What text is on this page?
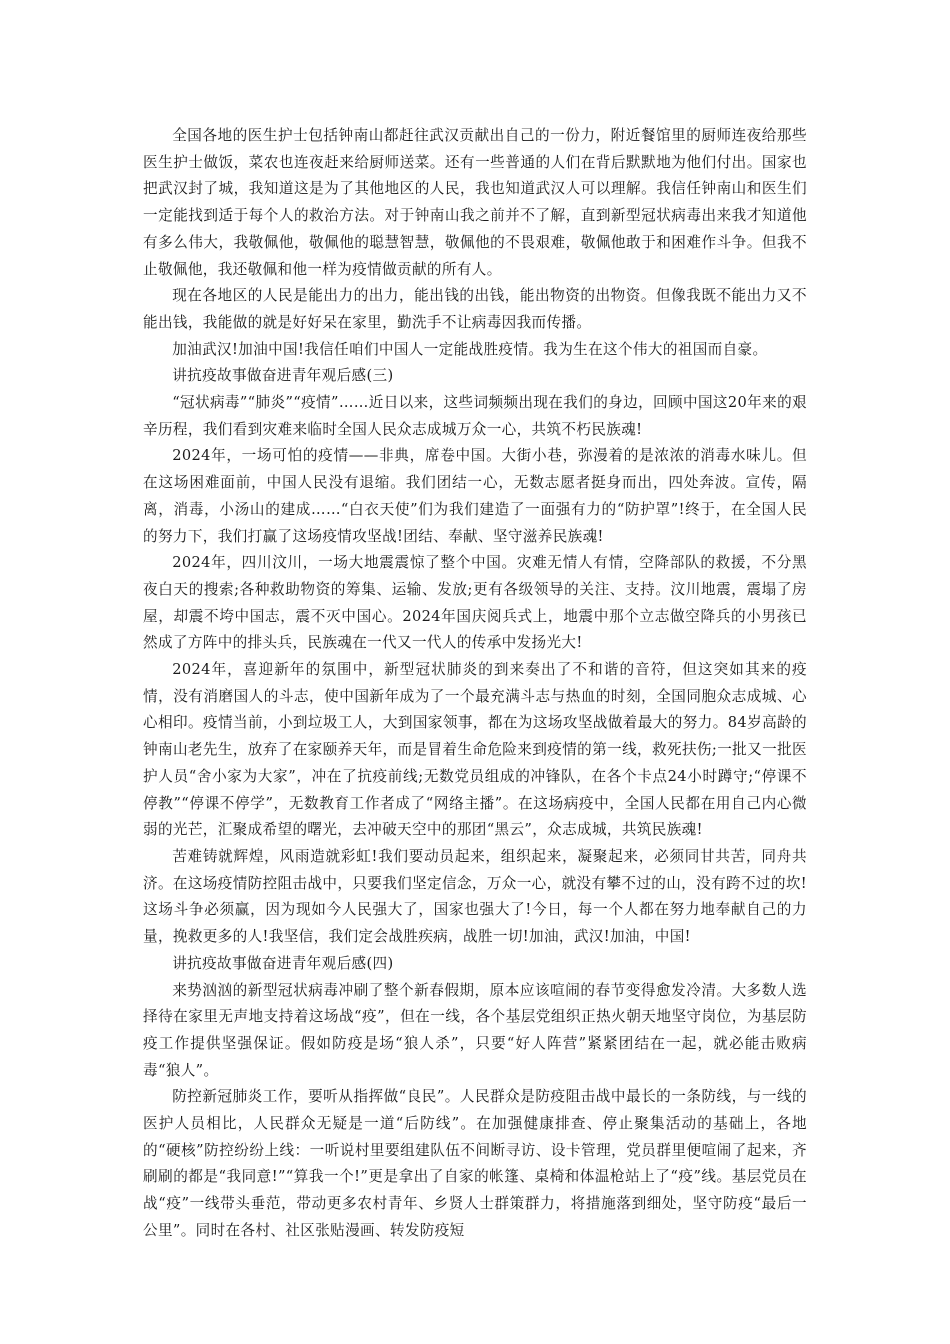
全国各地的医生护士包括钟南山都赶往武汉贡献出自己的一份力，附近餐馆里的厨师连夜给那些医生护士做饭，菜农也连夜赶来给厨师送菜。还有一些普通的人们在背后默默地为他们付出。国家也把武汉封了城，我知道这是为了其他地区的人民，我也知道武汉人可以理解。我信任钟南山和医生们一定能找到适于每个人的救治方法。对于钟南山我之前并不了解，直到新型冠状病毒出来我才知道他有多么伟大，我敬佩他，敬佩他的聪慧智慧，敬佩他的不畏艰难，敬佩他敢于和困难作斗争。但我不止敬佩他，我还敬佩和他一样为疫情做贡献的所有人。

现在各地区的人民是能出力的出力，能出钱的出钱，能出物资的出物资。但像我既不能出力又不能出钱，我能做的就是好好呆在家里，勤洗手不让病毒因我而传播。

加油武汉!加油中国!我信任咱们中国人一定能战胜疫情。我为生在这个伟大的祖国而自豪。

讲抗疫故事做奋进青年观后感(三)

“冠状病毒”“肺炎”“疫情”……近日以来，这些词频频出现在我们的身边，回顾中国这20年来的艰辛历程，我们看到灾难来临时全国人民众志成城万众一心，共筑不朽民族魂!

2024年，一场可怕的疫情——非典，席卷中国。大街小巷，弥漫着的是浓浓的消毒水味儿。但在这场困难面前，中国人民没有退缩。我们团结一心，无数志愿者挺身而出，四处奔波。宣传，隔离，消毒，小汤山的建成……“白衣天使”们为我们建造了一面强有力的“防护罩”!终于，在全国人民的努力下，我们打赢了这场疫情攻坚战!团结、奉献、坚守滋养民族魂!

2024年，四川汶川，一场大地震震惊了整个中国。灾难无情人有情，空降部队的救援，不分黑夜白天的搜索;各种救助物资的筹集、运输、发放;更有各级领导的关注、支持。汶川地震，震塌了房屋，却震不垮中国志，震不灭中国心。2024年国庆阅兵式上，地震中那个立志做空降兵的小男孩已然成了方阵中的排头兵，民族魂在一代又一代人的传承中发扬光大!

2024年，喜迎新年的氛围中，新型冠状肺炎的到来奏出了不和谐的音符，但这突如其来的疫情，没有消磨国人的斗志，使中国新年成为了一个最充满斗志与热血的时刻，全国同胞众志成城、心心相印。疫情当前，小到垃圾工人，大到国家领事，都在为这场攻坚战做着最大的努力。84岁高龄的钟南山老先生，放弃了在家颐养天年，而是冒着生命危险来到疫情的第一线，救死扶伤;一批又一批医护人员“舍小家为大家”，冲在了抗疫前线;无数党员组成的冲锋队，在各个卡点24小时蹲守;“停课不停教”“停课不停学”，无数教育工作者成了“网络主播”。在这场病疫中，全国人民都在用自己内心微弱的光芒，汇聚成希望的曙光，去冲破天空中的那团“黑云”，众志成城，共筑民族魂!

苦难铸就辉煌，风雨造就彩虹!我们要动员起来，组织起来，凝聚起来，必须同甘共苦，同舟共济。在这场疫情防控阻击战中，只要我们坚定信念，万众一心，就没有攀不过的山，没有跨不过的坎!这场斗争必须赢，因为现如今人民强大了，国家也强大了!今日，每一个人都在努力地奉献自己的力量，挽救更多的人!我坚信，我们定会战胜疾病，战胜一切!加油，武汉!加油，中国!

讲抗疫故事做奋进青年观后感(四)

来势汹汹的新型冠状病毒冲刷了整个新春假期，原本应该喧闹的春节变得愈发冷清。大多数人选择待在家里无声地支持着这场战“疫”，但在一线，各个基层党组织正热火朝天地坚守岗位，为基层防疫工作提供坚强保证。假如防疫是场“狼人杀”，只要“好人阵营”紧紧团结在一起，就必能击败病毒“狼人”。

防控新冠肺炎工作，要听从指挥做“良民”。人民群众是防疫阻击战中最长的一条防线，与一线的医护人员相比，人民群众无疑是一道“后防线”。在加强健康排查、停止聚集活动的基础上，各地的“硬核”防控纷纷上线：一听说村里要组建队伍不间断寻访、设卡管理，党员群里便喧闹了起来，齐刷刷的都是“我同意!”“算我一个!”更是拿出了自家的帐篷、桌椅和体温枪站上了“疫”线。基层党员在战“疫”一线带头垂范，带动更多农村青年、乡贤人士群策群力，将措施落到细处，坚守防疫“最后一公里”。同时在各村、社区张贴漫画、转发防疫短
